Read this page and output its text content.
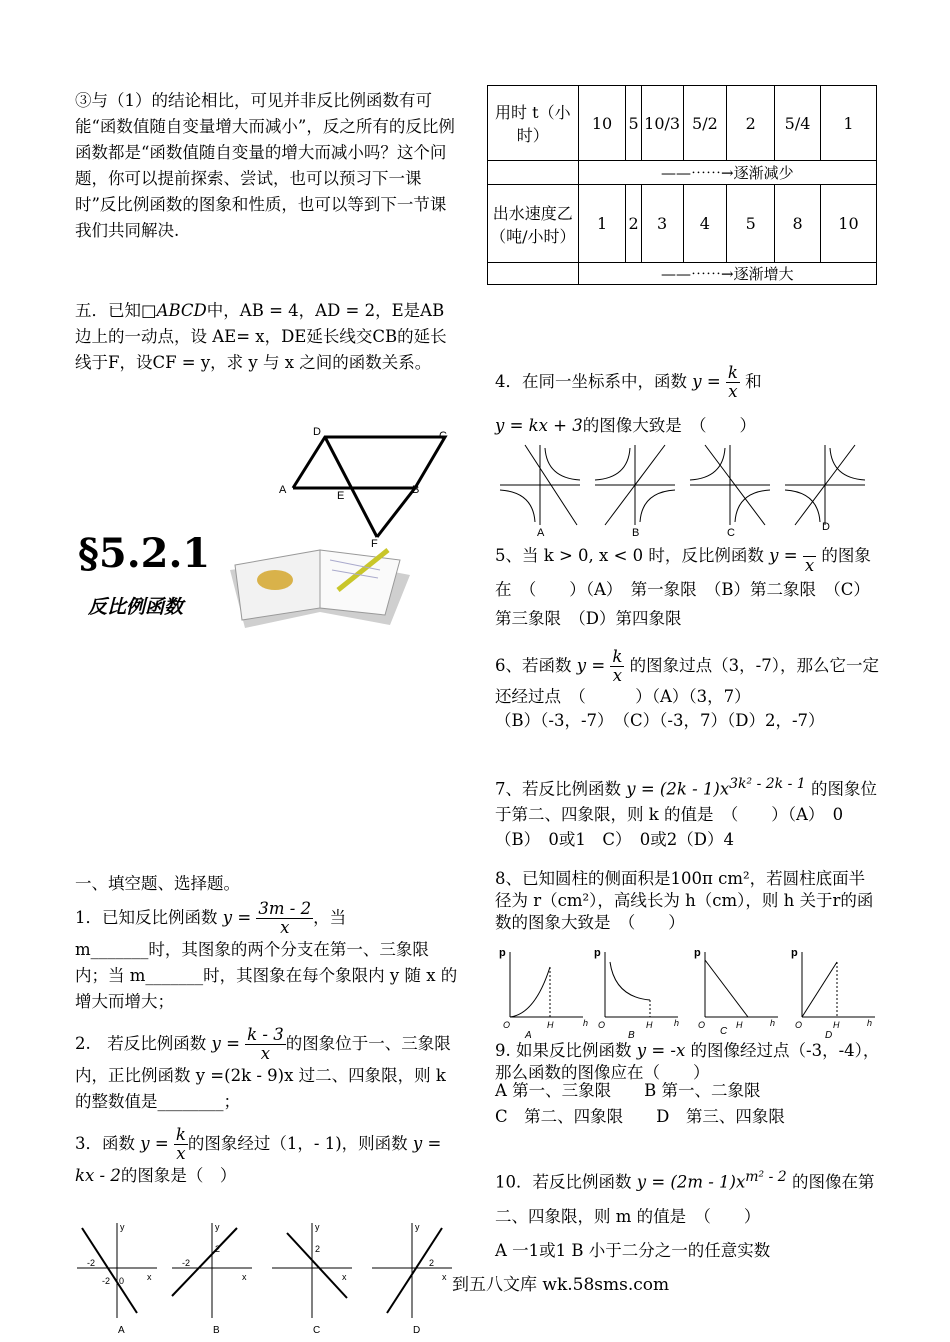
③与（1）的结论相比，可见并非反比例函数有可能“函数值随自变量增大而减小”，反之所有的反比例函数都是“函数值随自变量的增大而减小吗？这个问题，你可以提前探索、尝试，也可以预习下一课时”反比例函数的图象和性质，也可以等到下一节课我们共同解决.
五．已知□ABCD中，AB = 4，AD = 2，E是AB边上的一动点，设 AE= x，DE延长线交CB的延长线于F，设CF = y，求 y 与 x 之间的函数关系。
D	C
A	E	B
F
§5.2.1
反比例函数
一、填空题、选择题。
1．已知反比例函数 $y = \frac{3m - 2}{x}$ ，当
m_______时，其图象的两个分支在第一、三象限内；当 m_______时，其图象在每个象限内 y 随 x 的增大而增大；
2.　若反比例函数 $y = \frac{k - 3}{x}$ 的图象位于一、三象限内，正比例函数 y =(2k - 9)x 过二、四象限，则 k 的整数值是________；
3．函数 $y = \frac{k}{x}$ 的图象经过（1，- 1)，则函数 y = kx - 2的图象是（　）
-2
0
-2	x
y
A
-2
2
x
y
B
2
x
y
C
2
x
y
D
用时 t（小时）	10	5	10/3	5/2	2	5/4	1
	——⋯⋯→逐渐减少						
出水速度乙（吨/小时）	1	2	3	4	5	8	10
	——⋯⋯→逐渐增大						
4．在同一坐标系中，函数 $y = \frac{k}{x}$ 和
y = kx + 3的图像大致是　（　　）
A	B	C	D
5、当 k > 0, x < 0 时，反比例函数 y =

x
的图象在　（　　）（A）　第一象限　（B）第二象限　（C）第三象限　（D）第四象限
6、若函数 $y = \frac{k}{x}$ 的图象过点（3，-7），那么它一定还经过点　（　　　）（A）（3，7）
（B）（-3，-7）　（C）（-3，7）（D）2，-7）
7、若反比例函数 $y = (2k - 1)x^{3k^2 - 2k - 1}$ 的图象位于第二、四象限，则 k 的值是　（　　）（A）　0　（B）　0或1　C）　0或2（D）4
8、已知圆柱的侧面积是100π cm²，若圆柱底面半径为 r（cm²），高线长为 h（cm），则 h 关于r的函数的图象大致是　（　　）
p
O	H	h
A
p
O	H h
B
p
O	H	h
C
p
O	H	h
D
9. 如果反比例函数 y = -x 的图像经过点（-3，-4），那么函数的图像应在（　　）
A 第一、三象限　　B 第一、二象限
C　第二、四象限　　D　第三、四象限
10．若反比例函数 $y = (2m - 1)x^{m^2 - 2}$ 的图像在第二、四象限，则 m 的值是　（　　）
A 一1或1 B 小于二分之一的任意实数
到五八文库 wk.58sms.com
